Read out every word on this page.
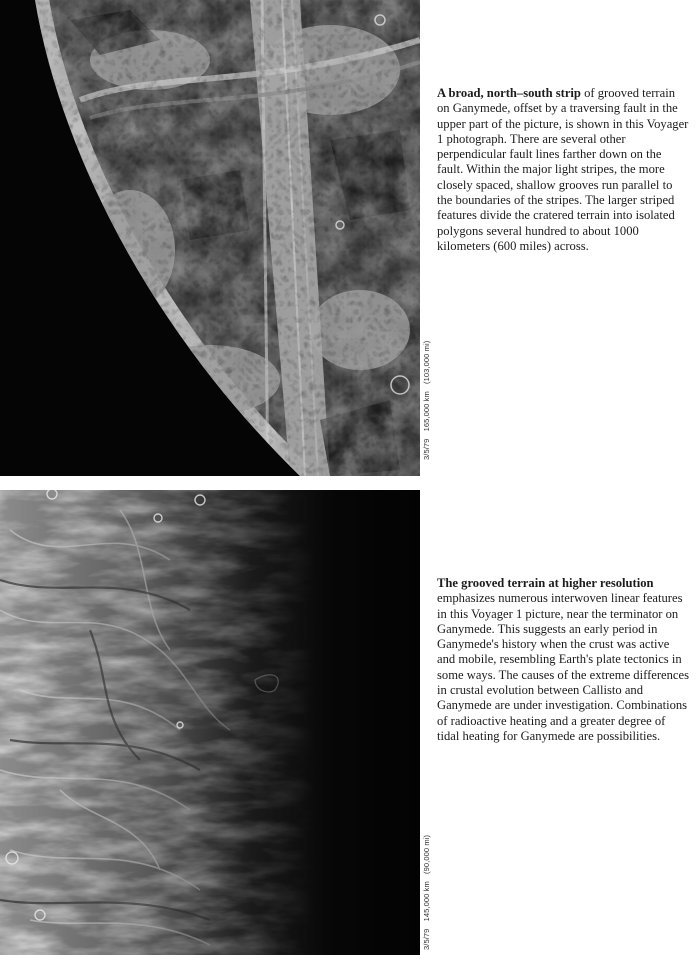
3/5/79 165,000 km (103,000 mi)
A broad, north–south strip of grooved terrain on Ganymede, offset by a traversing fault in the upper part of the picture, is shown in this Voyager 1 photograph. There are several other perpendicular fault lines farther down on the fault. Within the major light stripes, the more closely spaced, shallow grooves run parallel to the boundaries of the stripes. The larger striped features divide the cratered terrain into isolated polygons several hundred to about 1000 kilometers (600 miles) across.
3/5/79 145,000 km (90,000 mi)
The grooved terrain at higher resolution emphasizes numerous interwoven linear features in this Voyager 1 picture, near the terminator on Ganymede. This suggests an early period in Ganymede's history when the crust was active and mobile, resembling Earth's plate tectonics in some ways. The causes of the extreme differences in crustal evolution between Callisto and Ganymede are under investigation. Combinations of radioactive heating and a greater degree of tidal heating for Ganymede are possibilities.
